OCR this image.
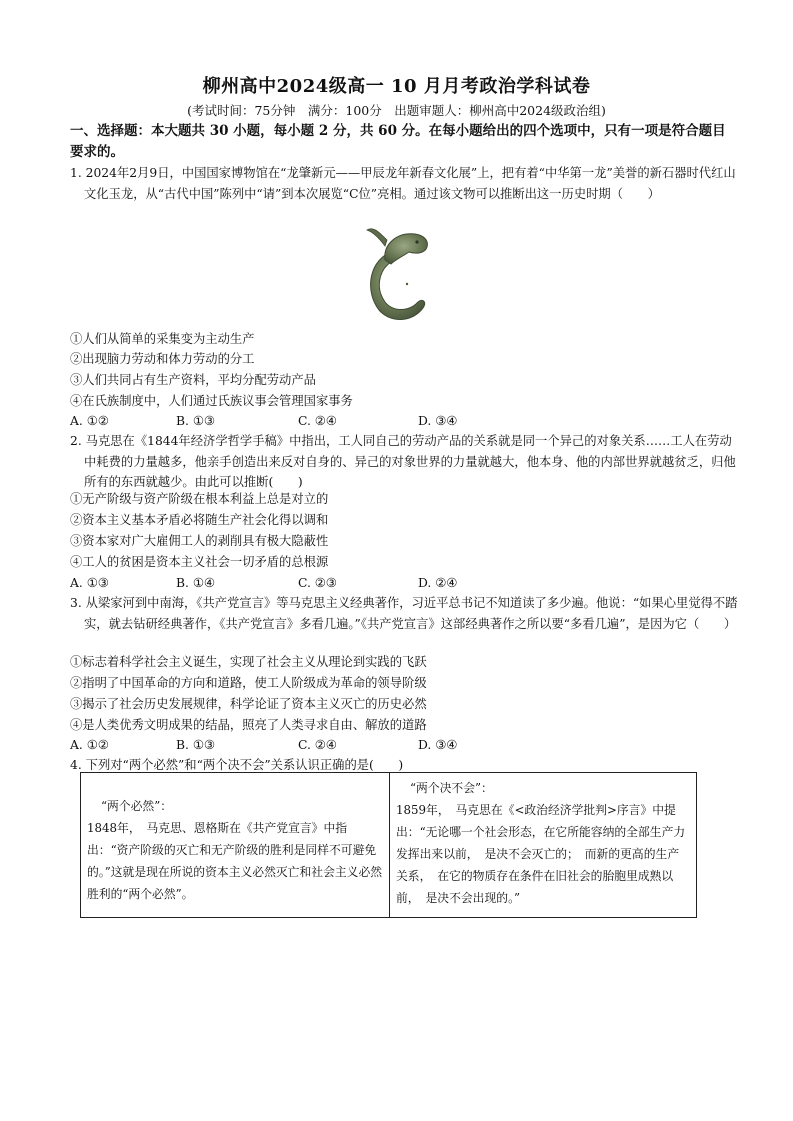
柳州高中2024级高一 10 月月考政治学科试卷
(考试时间：75分钟　满分：100分　出题审题人：柳州高中2024级政治组)
一、选择题：本大题共 30 小题，每小题 2 分，共 60 分。在每小题给出的四个选项中，只有一项是符合题目要求的。
1. 2024年2月9日，中国国家博物馆在“龙肇新元——甲辰龙年新春文化展”上，把有着“中华第一龙”美誉的新石器时代红山文化玉龙，从“古代中国”陈列中“请”到本次展览“C位”亮相。通过该文物可以推断出这一历史时期（　　）
①人们从简单的采集变为主动生产
②出现脑力劳动和体力劳动的分工
③人们共同占有生产资料，平均分配劳动产品
④在氏族制度中，人们通过氏族议事会管理国家事务
A. ①②	B. ①③	C. ②④	D. ③④
2. 马克思在《1844年经济学哲学手稿》中指出，工人同自己的劳动产品的关系就是同一个异己的对象关系……工人在劳动中耗费的力量越多，他亲手创造出来反对自身的、异己的对象世界的力量就越大，他本身、他的内部世界就越贫乏，归他所有的东西就越少。由此可以推断(　　)
①无产阶级与资产阶级在根本利益上总是对立的
②资本主义基本矛盾必将随生产社会化得以调和
③资本家对广大雇佣工人的剥削具有极大隐蔽性
④工人的贫困是资本主义社会一切矛盾的总根源
A. ①③	B. ①④	C. ②③	D. ②④
3. 从梁家河到中南海，《共产党宣言》等马克思主义经典著作，习近平总书记不知道读了多少遍。他说：“如果心里觉得不踏实，就去钻研经典著作，《共产党宣言》多看几遍。”《共产党宣言》这部经典著作之所以要“多看几遍”，是因为它（　　）
①标志着科学社会主义诞生，实现了社会主义从理论到实践的飞跃
②指明了中国革命的方向和道路，使工人阶级成为革命的领导阶级
③揭示了社会历史发展规律，科学论证了资本主义灭亡的历史必然
④是人类优秀文明成果的结晶，照亮了人类寻求自由、解放的道路
A. ①②	B. ①③	C. ②④	D. ③④
4. 下列对“两个必然”和“两个决不会”关系认识正确的是(　　)
“两个必然”：
1848年，　马克思、恩格斯在《共产党宣言》中指出：“资产阶级的灭亡和无产阶级的胜利是同样不可避免的。”这就是现在所说的资本主义必然灭亡和社会主义必然胜利的“两个必然”。

“两个决不会”：
1859年，　马克思在《<政治经济学批判>序言》中提出：“无论哪一个社会形态，在它所能容纳的全部生产力发挥出来以前，　是决不会灭亡的；　而新的更高的生产关系，　在它的物质存在条件在旧社会的胎胞里成熟以前，　是决不会出现的。”
